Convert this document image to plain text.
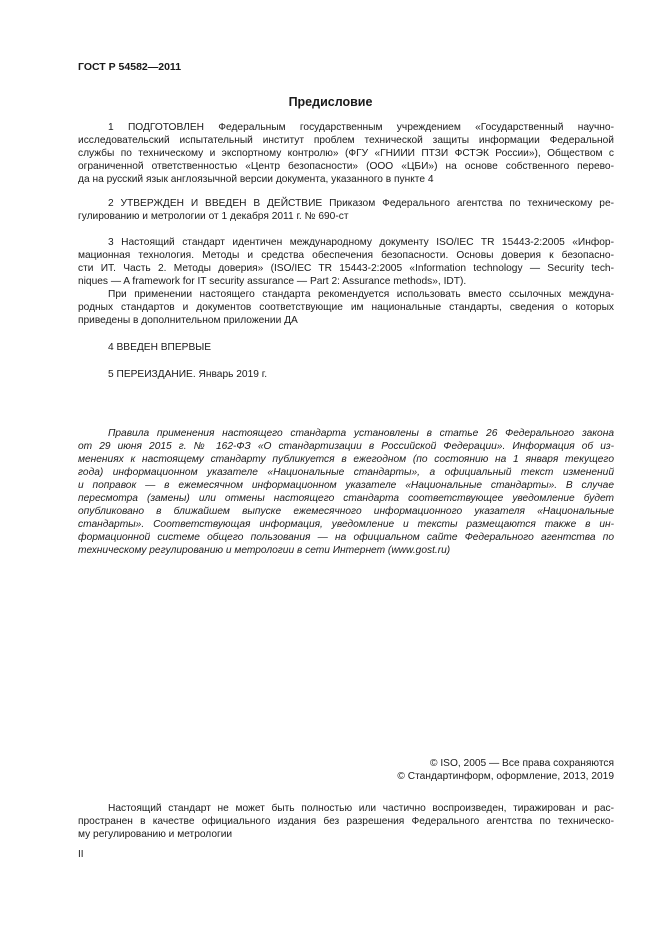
ГОСТ Р 54582—2011
Предисловие
1 ПОДГОТОВЛЕН Федеральным государственным учреждением «Государственный научно-
исследовательский испытательный институт проблем технической защиты информации Федеральной
службы по техническому и экспортному контролю» (ФГУ «ГНИИИ ПТЗИ ФСТЭК России»), Обществом с
ограниченной ответственностью «Центр безопасности» (ООО «ЦБИ») на основе собственного перево-
да на русский язык англоязычной версии документа, указанного в пункте 4
2 УТВЕРЖДЕН И ВВЕДЕН В ДЕЙСТВИЕ Приказом Федерального агентства по техническому ре-
гулированию и метрологии от 1 декабря 2011 г. № 690-ст
3 Настоящий стандарт идентичен международному документу ISO/IEC TR 15443-2:2005 «Инфор-
мационная технология. Методы и средства обеспечения безопасности. Основы доверия к безопасно-
сти ИТ. Часть 2. Методы доверия» (ISO/IEC TR 15443-2:2005 «Information technology — Security tech-
niques — A framework for IT security assurance — Part 2: Assurance methods», IDT).
При применении настоящего стандарта рекомендуется использовать вместо ссылочных междуна-
родных стандартов и документов соответствующие им национальные стандарты, сведения о которых
приведены в дополнительном приложении ДА
4 ВВЕДЕН ВПЕРВЫЕ
5 ПЕРЕИЗДАНИЕ. Январь 2019 г.
Правила применения настоящего стандарта установлены в статье 26 Федерального закона
от 29 июня 2015 г. № 162-ФЗ «О стандартизации в Российской Федерации». Информация об из-
менениях к настоящему стандарту публикуется в ежегодном (по состоянию на 1 января текущего
года) информационном указателе «Национальные стандарты», а официальный текст изменений
и поправок — в ежемесячном информационном указателе «Национальные стандарты». В случае
пересмотра (замены) или отмены настоящего стандарта соответствующее уведомление будет
опубликовано в ближайшем выпуске ежемесячного информационного указателя «Национальные
стандарты». Соответствующая информация, уведомление и тексты размещаются также в ин-
формационной системе общего пользования — на официальном сайте Федерального агентства по
техническому регулированию и метрологии в сети Интернет (www.gost.ru)
© ISO, 2005 — Все права сохраняются
© Стандартинформ, оформление, 2013, 2019
Настоящий стандарт не может быть полностью или частично воспроизведен, тиражирован и рас-
пространен в качестве официального издания без разрешения Федерального агентства по техническо-
му регулированию и метрологии
II
